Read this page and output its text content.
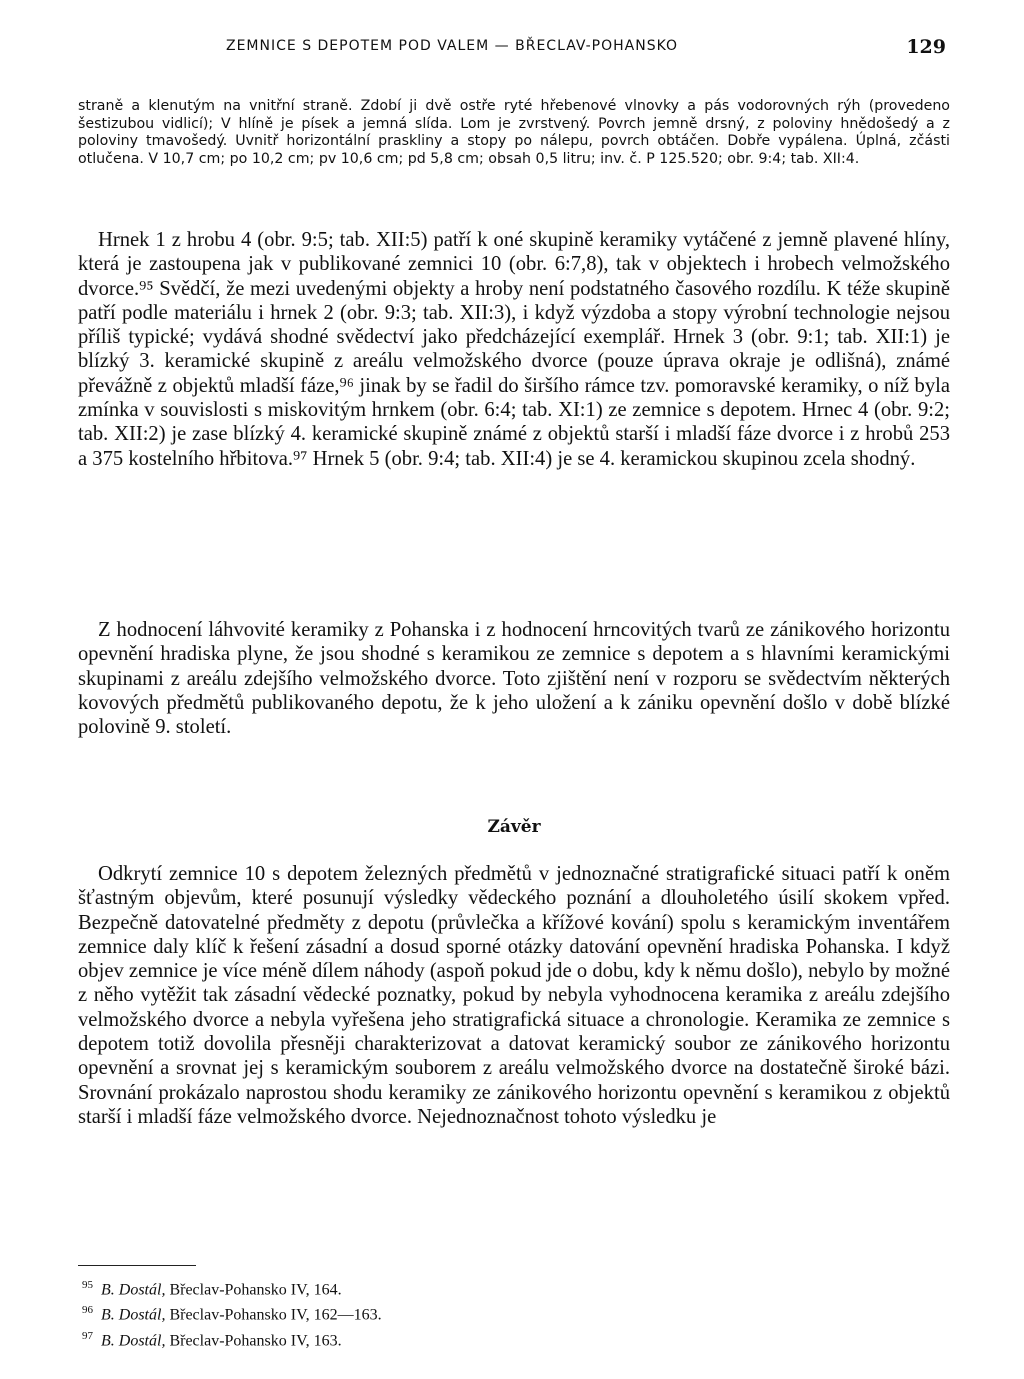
ZEMNICE S DEPOTEM POD VALEM — BŘECLAV-POHANSKO	129

straně a klenutým na vnitřní straně. Zdobí ji dvě ostře ryté hřebenové vlnovky a pás vodorovných rýh (provedeno šestizubou vidlicí); V hlíně je písek a jemná slída. Lom je zvrstvený. Povrch jemně drsný, z poloviny hnědošedý a z poloviny tmavošedý. Uvnitř horizontální praskliny a stopy po nálepu, povrch obtáčen. Dobře vypálena. Úplná, zčásti otlučena. V 10,7 cm; po 10,2 cm; pv 10,6 cm; pd 5,8 cm; obsah 0,5 litru; inv. č. P 125.520; obr. 9:4; tab. XII:4.

Hrnek 1 z hrobu 4 (obr. 9:5; tab. XII:5) patří k oné skupině keramiky vytáčené z jemně plavené hlíny, která je zastoupena jak v publikované zemnici 10 (obr. 6:7,8), tak v objektech i hrobech velmožského dvorce.⁹⁵ Svědčí, že mezi uvedenými objekty a hroby není podstatného časového rozdílu. K téže skupině patří podle materiálu i hrnek 2 (obr. 9:3; tab. XII:3), i když výzdoba a stopy výrobní technologie nejsou příliš typické; vydává shodné svědectví jako předcházející exemplář. Hrnek 3 (obr. 9:1; tab. XII:1) je blízký 3. keramické skupině z areálu velmožského dvorce (pouze úprava okraje je odlišná), známé převážně z objektů mladší fáze,⁹⁶ jinak by se řadil do širšího rámce tzv. pomoravské keramiky, o níž byla zmínka v souvislosti s miskovitým hrnkem (obr. 6:4; tab. XI:1) ze zemnice s depotem. Hrnec 4 (obr. 9:2; tab. XII:2) je zase blízký 4. keramické skupině známé z objektů starší i mladší fáze dvorce i z hrobů 253 a 375 kostelního hřbitova.⁹⁷ Hrnek 5 (obr. 9:4; tab. XII:4) je se 4. keramickou skupinou zcela shodný.

Z hodnocení láhvovité keramiky z Pohanska i z hodnocení hrncovitých tvarů ze zánikového horizontu opevnění hradiska plyne, že jsou shodné s keramikou ze zemnice s depotem a s hlavními keramickými skupinami z areálu zdejšího velmožského dvorce. Toto zjištění není v rozporu se svědectvím některých kovových předmětů publikovaného depotu, že k jeho uložení a k zániku opevnění došlo v době blízké polovině 9. století.

Závěr

Odkrytí zemnice 10 s depotem železných předmětů v jednoznačné stratigrafické situaci patří k oněm šťastným objevům, které posunují výsledky vědeckého poznání a dlouholetého úsilí skokem vpřed. Bezpečně datovatelné předměty z depotu (průvlečka a křížové kování) spolu s keramickým inventářem zemnice daly klíč k řešení zásadní a dosud sporné otázky datování opevnění hradiska Pohanska. I když objev zemnice je více méně dílem náhody (aspoň pokud jde o dobu, kdy k němu došlo), nebylo by možné z něho vytěžit tak zásadní vědecké poznatky, pokud by nebyla vyhodnocena keramika z areálu zdejšího velmožského dvorce a nebyla vyřešena jeho stratigrafická situace a chronologie. Keramika ze zemnice s depotem totiž dovolila přesněji charakterizovat a datovat keramický soubor ze zánikového horizontu opevnění a srovnat jej s keramickým souborem z areálu velmožského dvorce na dostatečně široké bázi. Srovnání prokázalo naprostou shodu keramiky ze zánikového horizontu opevnění s keramikou z objektů starší i mladší fáze velmožského dvorce. Nejednoznačnost tohoto výsledku je

$^{95}$ B. Dostál, Břeclav-Pohansko IV, 164.
$^{96}$ B. Dostál, Břeclav-Pohansko IV, 162—163.
$^{97}$ B. Dostál, Břeclav-Pohansko IV, 163.
